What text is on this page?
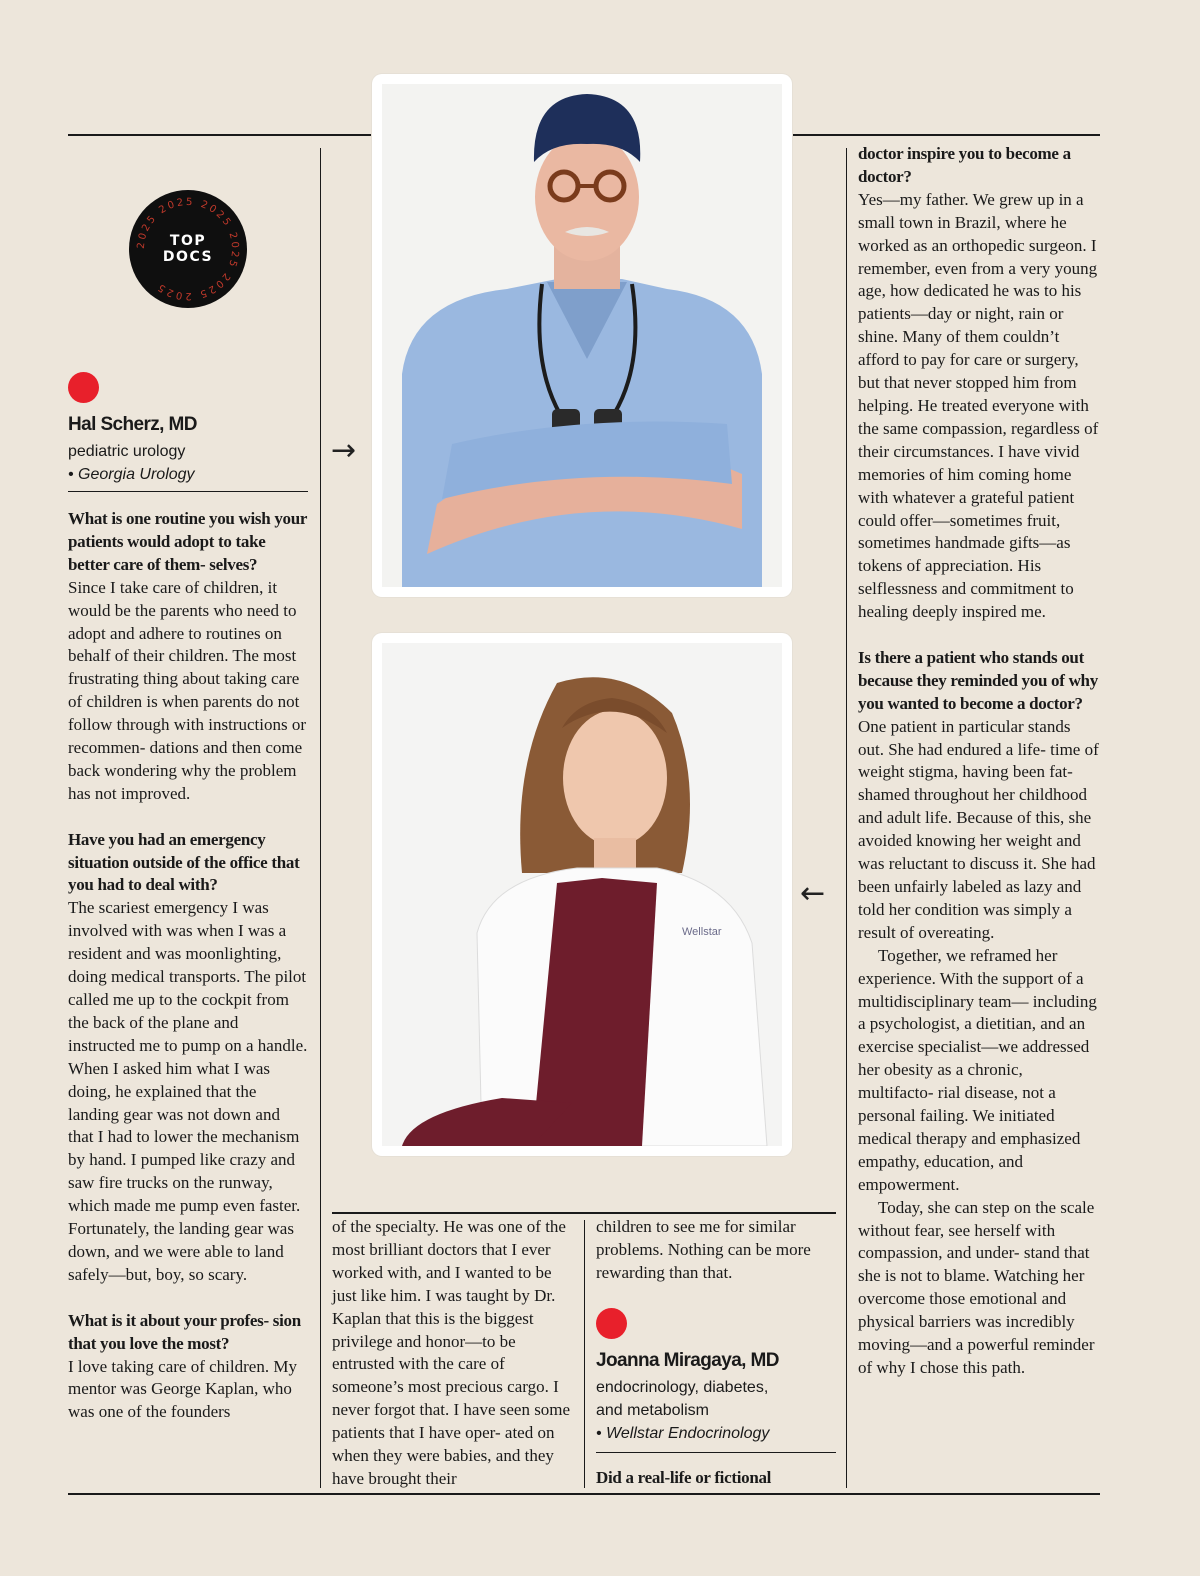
2025 2025 2025 2025 2025 2025
TOP
DOCS
Hal Scherz, MD
pediatric urology
• Georgia Urology

What is one routine you wish your patients would adopt to take better care of them- selves?

Since I take care of children, it would be the parents who need to adopt and adhere to routines on behalf of their children. The most frustrating thing about taking care of children is when parents do not follow through with instructions or recommen- dations and then come back wondering why the problem has not improved.

Have you had an emergency situation outside of the office that you had to deal with?

The scariest emergency I was involved with was when I was a resident and was moonlighting, doing medical transports. The pilot called me up to the cockpit from the back of the plane and instructed me to pump on a handle. When I asked him what I was doing, he explained that the landing gear was not down and that I had to lower the mechanism by hand. I pumped like crazy and saw fire trucks on the runway, which made me pump even faster. Fortunately, the landing gear was down, and we were able to land safely—but, boy, so scary.

What is it about your profes- sion that you love the most?

I love taking care of children. My mentor was George Kaplan, who was one of the founders

→
←
Wellstar

of the specialty. He was one of the most brilliant doctors that I ever worked with, and I wanted to be just like him. I was taught by Dr. Kaplan that this is the biggest privilege and honor—to be entrusted with the care of someone’s most precious cargo. I never forgot that. I have seen some patients that I have oper- ated on when they were babies, and they have brought their

children to see me for similar problems. Nothing can be more rewarding than that.

Joanna Miragaya, MD
endocrinology, diabetes,
and metabolism
• Wellstar Endocrinology

Did a real-life or fictional

doctor inspire you to become a doctor?

Yes—my father. We grew up in a small town in Brazil, where he worked as an orthopedic surgeon. I remember, even from a very young age, how dedicated he was to his patients—day or night, rain or shine. Many of them couldn’t afford to pay for care or surgery, but that never stopped him from helping. He treated everyone with the same compassion, regardless of their circumstances. I have vivid memories of him coming home with whatever a grateful patient could offer—sometimes fruit, sometimes handmade gifts—as tokens of appreciation. His selflessness and commitment to healing deeply inspired me.

Is there a patient who stands out because they reminded you of why you wanted to become a doctor?

One patient in particular stands out. She had endured a life- time of weight stigma, having been fat-shamed throughout her childhood and adult life. Because of this, she avoided knowing her weight and was reluctant to discuss it. She had been unfairly labeled as lazy and told her condition was simply a result of overeating.

Together, we reframed her experience. With the support of a multidisciplinary team— including a psychologist, a dietitian, and an exercise specialist—we addressed her obesity as a chronic, multifacto- rial disease, not a personal failing. We initiated medical therapy and emphasized empathy, education, and empowerment.

Today, she can step on the scale without fear, see herself with compassion, and under- stand that she is not to blame. Watching her overcome those emotional and physical barriers was incredibly moving—and a powerful reminder of why I chose this path.
